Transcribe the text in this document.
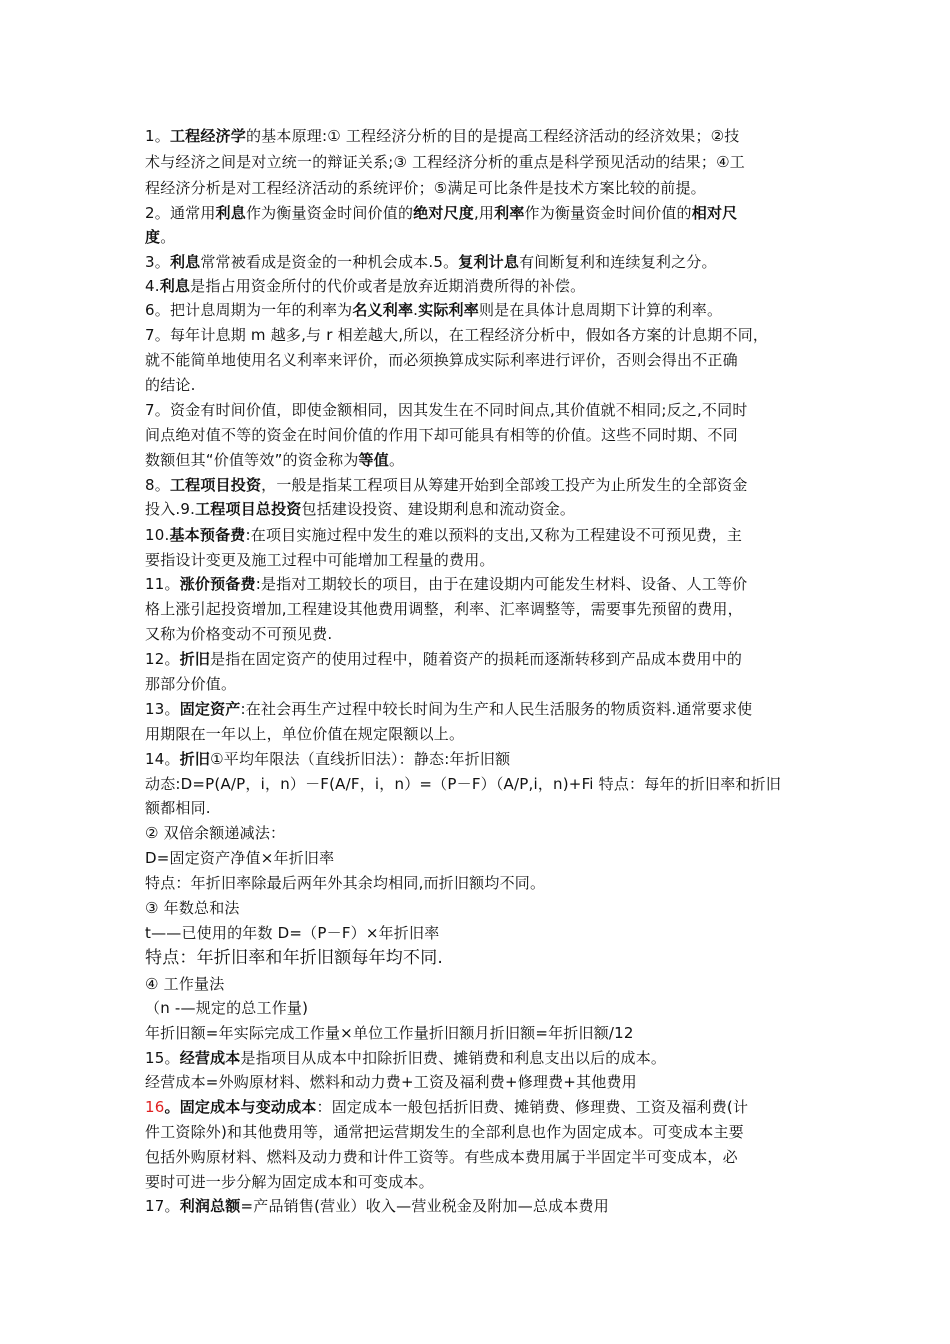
1。工程经济学的基本原理:① 工程经济分析的目的是提高工程经济活动的经济效果；②技
术与经济之间是对立统一的辩证关系;③ 工程经济分析的重点是科学预见活动的结果；④工
程经济分析是对工程经济活动的系统评价；⑤满足可比条件是技术方案比较的前提。
2。通常用利息作为衡量资金时间价值的绝对尺度,用利率作为衡量资金时间价值的相对尺
度。
3。利息常常被看成是资金的一种机会成本.5。复利计息有间断复利和连续复利之分。
4.利息是指占用资金所付的代价或者是放弃近期消费所得的补偿。
6。把计息周期为一年的利率为名义利率.实际利率则是在具体计息周期下计算的利率。
7。每年计息期 m 越多,与 r 相差越大,所以，在工程经济分析中，假如各方案的计息期不同，
就不能简单地使用名义利率来评价，而必须换算成实际利率进行评价，否则会得出不正确
的结论.
7。资金有时间价值，即使金额相同，因其发生在不同时间点,其价值就不相同;反之,不同时
间点绝对值不等的资金在时间价值的作用下却可能具有相等的价值。这些不同时期、不同
数额但其“价值等效”的资金称为等值。
8。工程项目投资，一般是指某工程项目从筹建开始到全部竣工投产为止所发生的全部资金
投入.9.工程项目总投资包括建设投资、建设期利息和流动资金。
10.基本预备费:在项目实施过程中发生的难以预料的支出,又称为工程建设不可预见费，主
要指设计变更及施工过程中可能增加工程量的费用。
11。涨价预备费:是指对工期较长的项目，由于在建设期内可能发生材料、设备、人工等价
格上涨引起投资增加,工程建设其他费用调整，利率、汇率调整等，需要事先预留的费用，
又称为价格变动不可预见费.
12。折旧是指在固定资产的使用过程中，随着资产的损耗而逐渐转移到产品成本费用中的
那部分价值。
13。固定资产:在社会再生产过程中较长时间为生产和人民生活服务的物质资料.通常要求使
用期限在一年以上，单位价值在规定限额以上。
14。折旧①平均年限法（直线折旧法）：静态:年折旧额
动态:D=P(A/P，i，n）－F(A/F，i，n）=（P－F）（A/P,i，n)+Fi 特点：每年的折旧率和折旧
额都相同.
② 双倍余额递减法：
D=固定资产净值×年折旧率
特点：年折旧率除最后两年外其余均相同,而折旧额均不同。
③ 年数总和法
t——已使用的年数 D=（P－F）×年折旧率
特点：年折旧率和年折旧额每年均不同.
④ 工作量法
（n -—规定的总工作量)
年折旧额=年实际完成工作量×单位工作量折旧额月折旧额=年折旧额/12
15。经营成本是指项目从成本中扣除折旧费、摊销费和利息支出以后的成本。
经营成本=外购原材料、燃料和动力费+工资及福利费+修理费+其他费用
16。固定成本与变动成本：固定成本一般包括折旧费、摊销费、修理费、工资及福利费(计
件工资除外)和其他费用等，通常把运营期发生的全部利息也作为固定成本。可变成本主要
包括外购原材料、燃料及动力费和计件工资等。有些成本费用属于半固定半可变成本，必
要时可进一步分解为固定成本和可变成本。
17。利润总额=产品销售(营业）收入—营业税金及附加—总成本费用
